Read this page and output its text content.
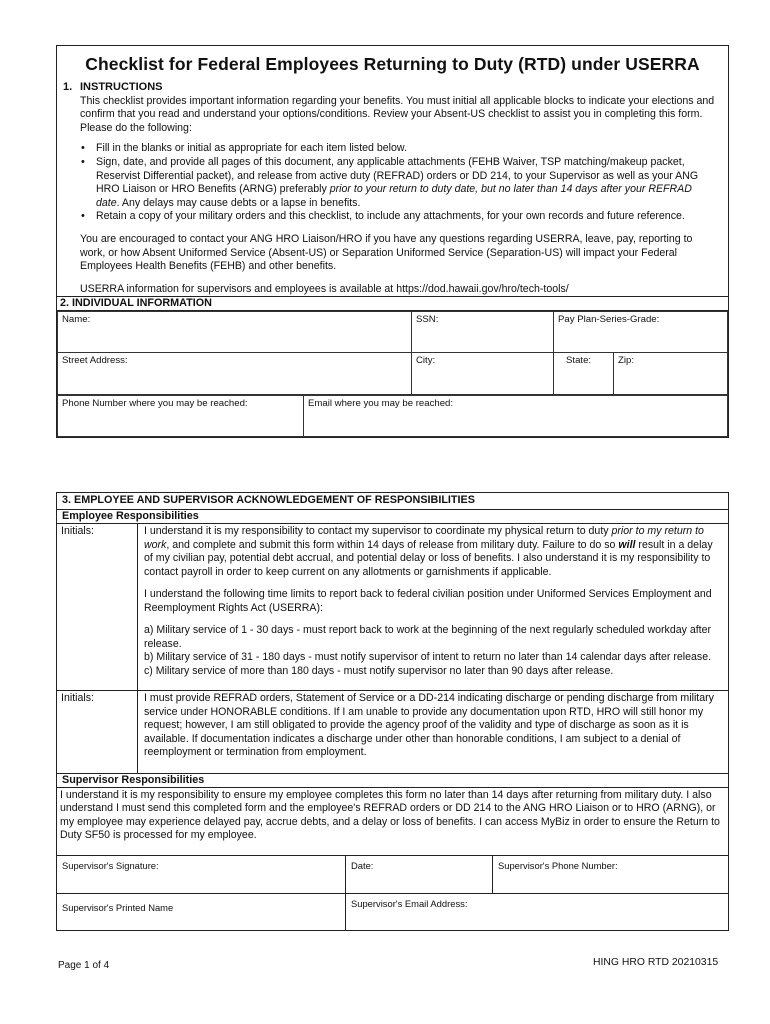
Checklist for Federal Employees Returning to Duty (RTD) under USERRA
1. INSTRUCTIONS
This checklist provides important information regarding your benefits. You must initial all applicable blocks to indicate your elections and confirm that you read and understand your options/conditions. Review your Absent-US checklist to assist you in completing this form. Please do the following:
• Fill in the blanks or initial as appropriate for each item listed below.
• Sign, date, and provide all pages of this document, any applicable attachments (FEHB Waiver, TSP matching/makeup packet, Reservist Differential packet), and release from active duty (REFRAD) orders or DD 214, to your Supervisor as well as your ANG HRO Liaison or HRO Benefits (ARNG) preferably prior to your return to duty date, but no later than 14 days after your REFRAD date. Any delays may cause debts or a lapse in benefits.
• Retain a copy of your military orders and this checklist, to include any attachments, for your own records and future reference.

You are encouraged to contact your ANG HRO Liaison/HRO if you have any questions regarding USERRA, leave, pay, reporting to work, or how Absent Uniformed Service (Absent-US) or Separation Uniformed Service (Separation-US) will impact your Federal Employees Health Benefits (FEHB) and other benefits.

USERRA information for supervisors and employees is available at https://dod.hawaii.gov/hro/tech-tools/

2. INDIVIDUAL INFORMATION
Name:	SSN:	Pay Plan-Series-Grade:	
Street Address:	City:	State:	Zip:
Phone Number where you may be reached:	Email where you may be reached:
3. EMPLOYEE AND SUPERVISOR ACKNOWLEDGEMENT OF RESPONSIBILITIES
Employee Responsibilities
Initials:	I understand it is my responsibility to contact my supervisor to coordinate my physical return to duty prior to my return to work, and complete and submit this form within 14 days of release from military duty. Failure to do so will result in a delay of my civilian pay, potential debt accrual, and potential delay or loss of benefits. I also understand it is my responsibility to contact payroll in order to keep current on any allotments or garnishments if applicable.

I understand the following time limits to report back to federal civilian position under Uniformed Services Employment and Reemployment Rights Act (USERRA):

a) Military service of 1 - 30 days - must report back to work at the beginning of the next regularly scheduled workday after release.
b) Military service of 31 - 180 days - must notify supervisor of intent to return no later than 14 calendar days after release.
c) Military service of more than 180 days - must notify supervisor no later than 90 days after release.

Initials:	I must provide REFRAD orders, Statement of Service or a DD-214 indicating discharge or pending discharge from military service under HONORABLE conditions. If I am unable to provide any documentation upon RTD, HRO will still honor my request; however, I am still obligated to provide the agency proof of the validity and type of discharge as soon as it is available. If documentation indicates a discharge under other than honorable conditions, I am subject to a denial of reemployment or termination from employment.
Supervisor Responsibilities
I understand it is my responsibility to ensure my employee completes this form no later than 14 days after returning from military duty. I also understand I must send this completed form and the employee's REFRAD orders or DD 214 to the ANG HRO Liaison or to HRO (ARNG), or my employee may experience delayed pay, accrue debts, and a delay or loss of benefits. I can access MyBiz in order to ensure the Return to Duty SF50 is processed for my employee.
Supervisor's Signature:	Date:	Supervisor's Phone Number:
Supervisor's Printed Name	Supervisor's Email Address:
Page 1 of 4	HING HRO RTD 20210315
